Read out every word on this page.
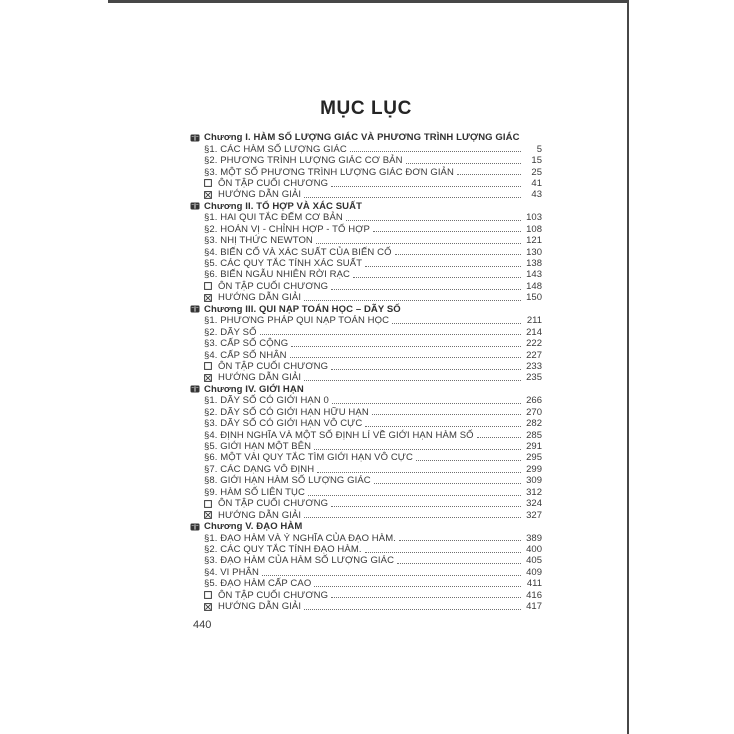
MỤC LỤC
Chương I. HÀM SỐ LƯỢNG GIÁC VÀ PHƯƠNG TRÌNH LƯỢNG GIÁC
§1. CÁC HÀM SỐ LƯỢNG GIÁC	5
§2. PHƯƠNG TRÌNH LƯỢNG GIÁC CƠ BẢN	15
§3. MỘT SỐ PHƯƠNG TRÌNH LƯỢNG GIÁC ĐƠN GIẢN	25
ÔN TẬP CUỐI CHƯƠNG	41
HƯỚNG DẪN GIẢI	43
Chương II. TỔ HỢP VÀ XÁC SUẤT
§1. HAI QUI TẮC ĐẾM CƠ BẢN	103
§2. HOÁN VỊ - CHỈNH HỢP - TỔ HỢP	108
§3. NHỊ THỨC NEWTON	121
§4. BIẾN CỐ VÀ XÁC SUẤT CỦA BIẾN CỐ	130
§5. CÁC QUY TẮC TÍNH XÁC SUẤT	138
§6. BIẾN NGẪU NHIÊN RỜI RẠC	143
ÔN TẬP CUỐI CHƯƠNG	148
HƯỚNG DẪN GIẢI	150
Chương III. QUI NẠP TOÁN HỌC – DÃY SỐ
§1. PHƯƠNG PHÁP QUI NẠP TOÁN HỌC	211
§2. DÃY SỐ	214
§3. CẤP SỐ CỘNG	222
§4. CẤP SỐ NHÂN	227
ÔN TẬP CUỐI CHƯƠNG	233
HƯỚNG DẪN GIẢI	235
Chương IV. GIỚI HẠN
§1. DÃY SỐ CÓ GIỚI HẠN 0	266
§2. DÃY SỐ CÓ GIỚI HẠN HỮU HẠN	270
§3. DÃY SỐ CÓ GIỚI HẠN VÔ CỰC	282
§4. ĐỊNH NGHĨA VÀ MỘT SỐ ĐỊNH LÍ VỀ GIỚI HẠN HÀM SỐ	285
§5. GIỚI HẠN MỘT BÊN	291
§6. MỘT VÀI QUY TẮC TÌM GIỚI HẠN VÔ CỰC	295
§7. CÁC DẠNG VÔ ĐỊNH	299
§8. GIỚI HẠN HÀM SỐ LƯỢNG GIÁC	309
§9. HÀM SỐ LIÊN TỤC	312
ÔN TẬP CUỐI CHƯƠNG	324
HƯỚNG DẪN GIẢI	327
Chương V. ĐẠO HÀM
§1. ĐẠO HÀM VÀ Ý NGHĨA CỦA ĐẠO HÀM.	389
§2. CÁC QUY TẮC TÍNH ĐẠO HÀM.	400
§3. ĐẠO HÀM CỦA HÀM SỐ LƯỢNG GIÁC	405
§4. VI PHÂN	409
§5. ĐẠO HÀM CẤP CAO	411
ÔN TẬP CUỐI CHƯƠNG	416
HƯỚNG DẪN GIẢI	417
440
